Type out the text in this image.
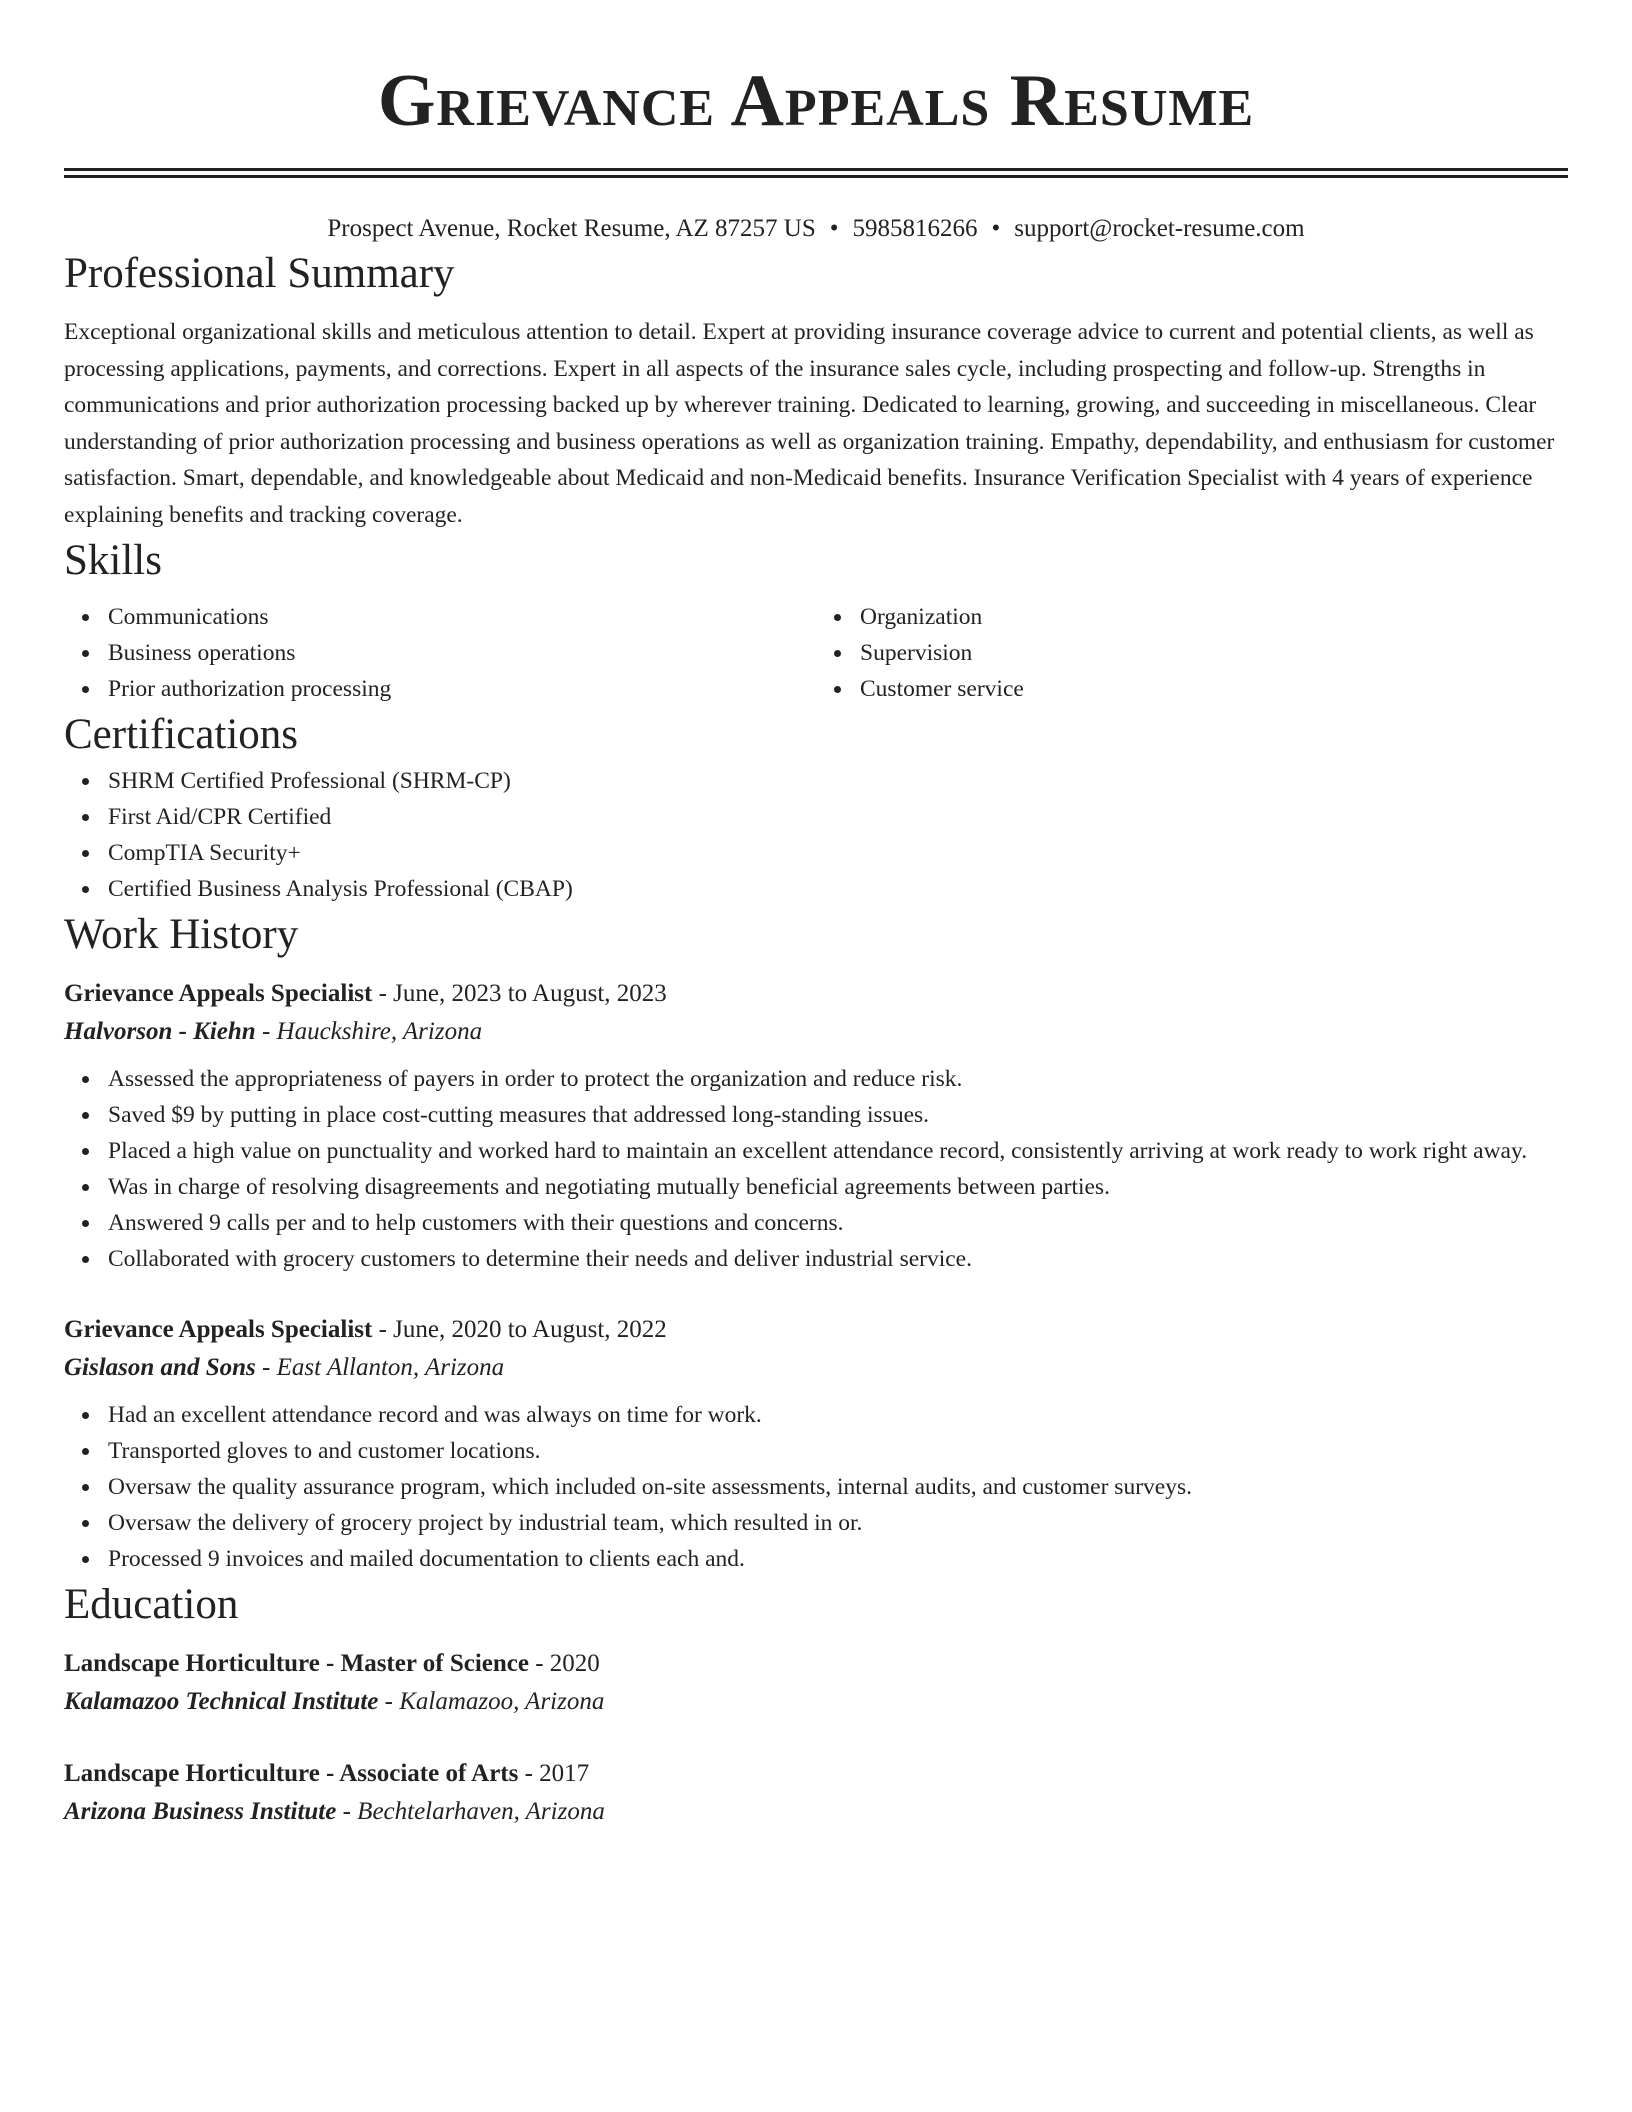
Grievance Appeals Resume
Prospect Avenue, Rocket Resume, AZ 87257 US • 5985816266 • support@rocket-resume.com
Professional Summary

Exceptional organizational skills and meticulous attention to detail. Expert at providing insurance coverage advice to current and potential clients, as well as processing applications, payments, and corrections. Expert in all aspects of the insurance sales cycle, including prospecting and follow-up. Strengths in communications and prior authorization processing backed up by wherever training. Dedicated to learning, growing, and succeeding in miscellaneous. Clear understanding of prior authorization processing and business operations as well as organization training. Empathy, dependability, and enthusiasm for customer satisfaction. Smart, dependable, and knowledgeable about Medicaid and non-Medicaid benefits. Insurance Verification Specialist with 4 years of experience explaining benefits and tracking coverage.

Skills
Communications
Business operations
Prior authorization processing
Organization
Supervision
Customer service
Certifications
SHRM Certified Professional (SHRM-CP)
First Aid/CPR Certified
CompTIA Security+
Certified Business Analysis Professional (CBAP)
Work History
Grievance Appeals Specialist - June, 2023 to August, 2023
Halvorson - Kiehn - Hauckshire, Arizona
Assessed the appropriateness of payers in order to protect the organization and reduce risk.
Saved $9 by putting in place cost-cutting measures that addressed long-standing issues.
Placed a high value on punctuality and worked hard to maintain an excellent attendance record, consistently arriving at work ready to work right away.
Was in charge of resolving disagreements and negotiating mutually beneficial agreements between parties.
Answered 9 calls per and to help customers with their questions and concerns.
Collaborated with grocery customers to determine their needs and deliver industrial service.
Grievance Appeals Specialist - June, 2020 to August, 2022
Gislason and Sons - East Allanton, Arizona
Had an excellent attendance record and was always on time for work.
Transported gloves to and customer locations.
Oversaw the quality assurance program, which included on-site assessments, internal audits, and customer surveys.
Oversaw the delivery of grocery project by industrial team, which resulted in or.
Processed 9 invoices and mailed documentation to clients each and.
Education
Landscape Horticulture - Master of Science - 2020
Kalamazoo Technical Institute - Kalamazoo, Arizona
Landscape Horticulture - Associate of Arts - 2017
Arizona Business Institute - Bechtelarhaven, Arizona
